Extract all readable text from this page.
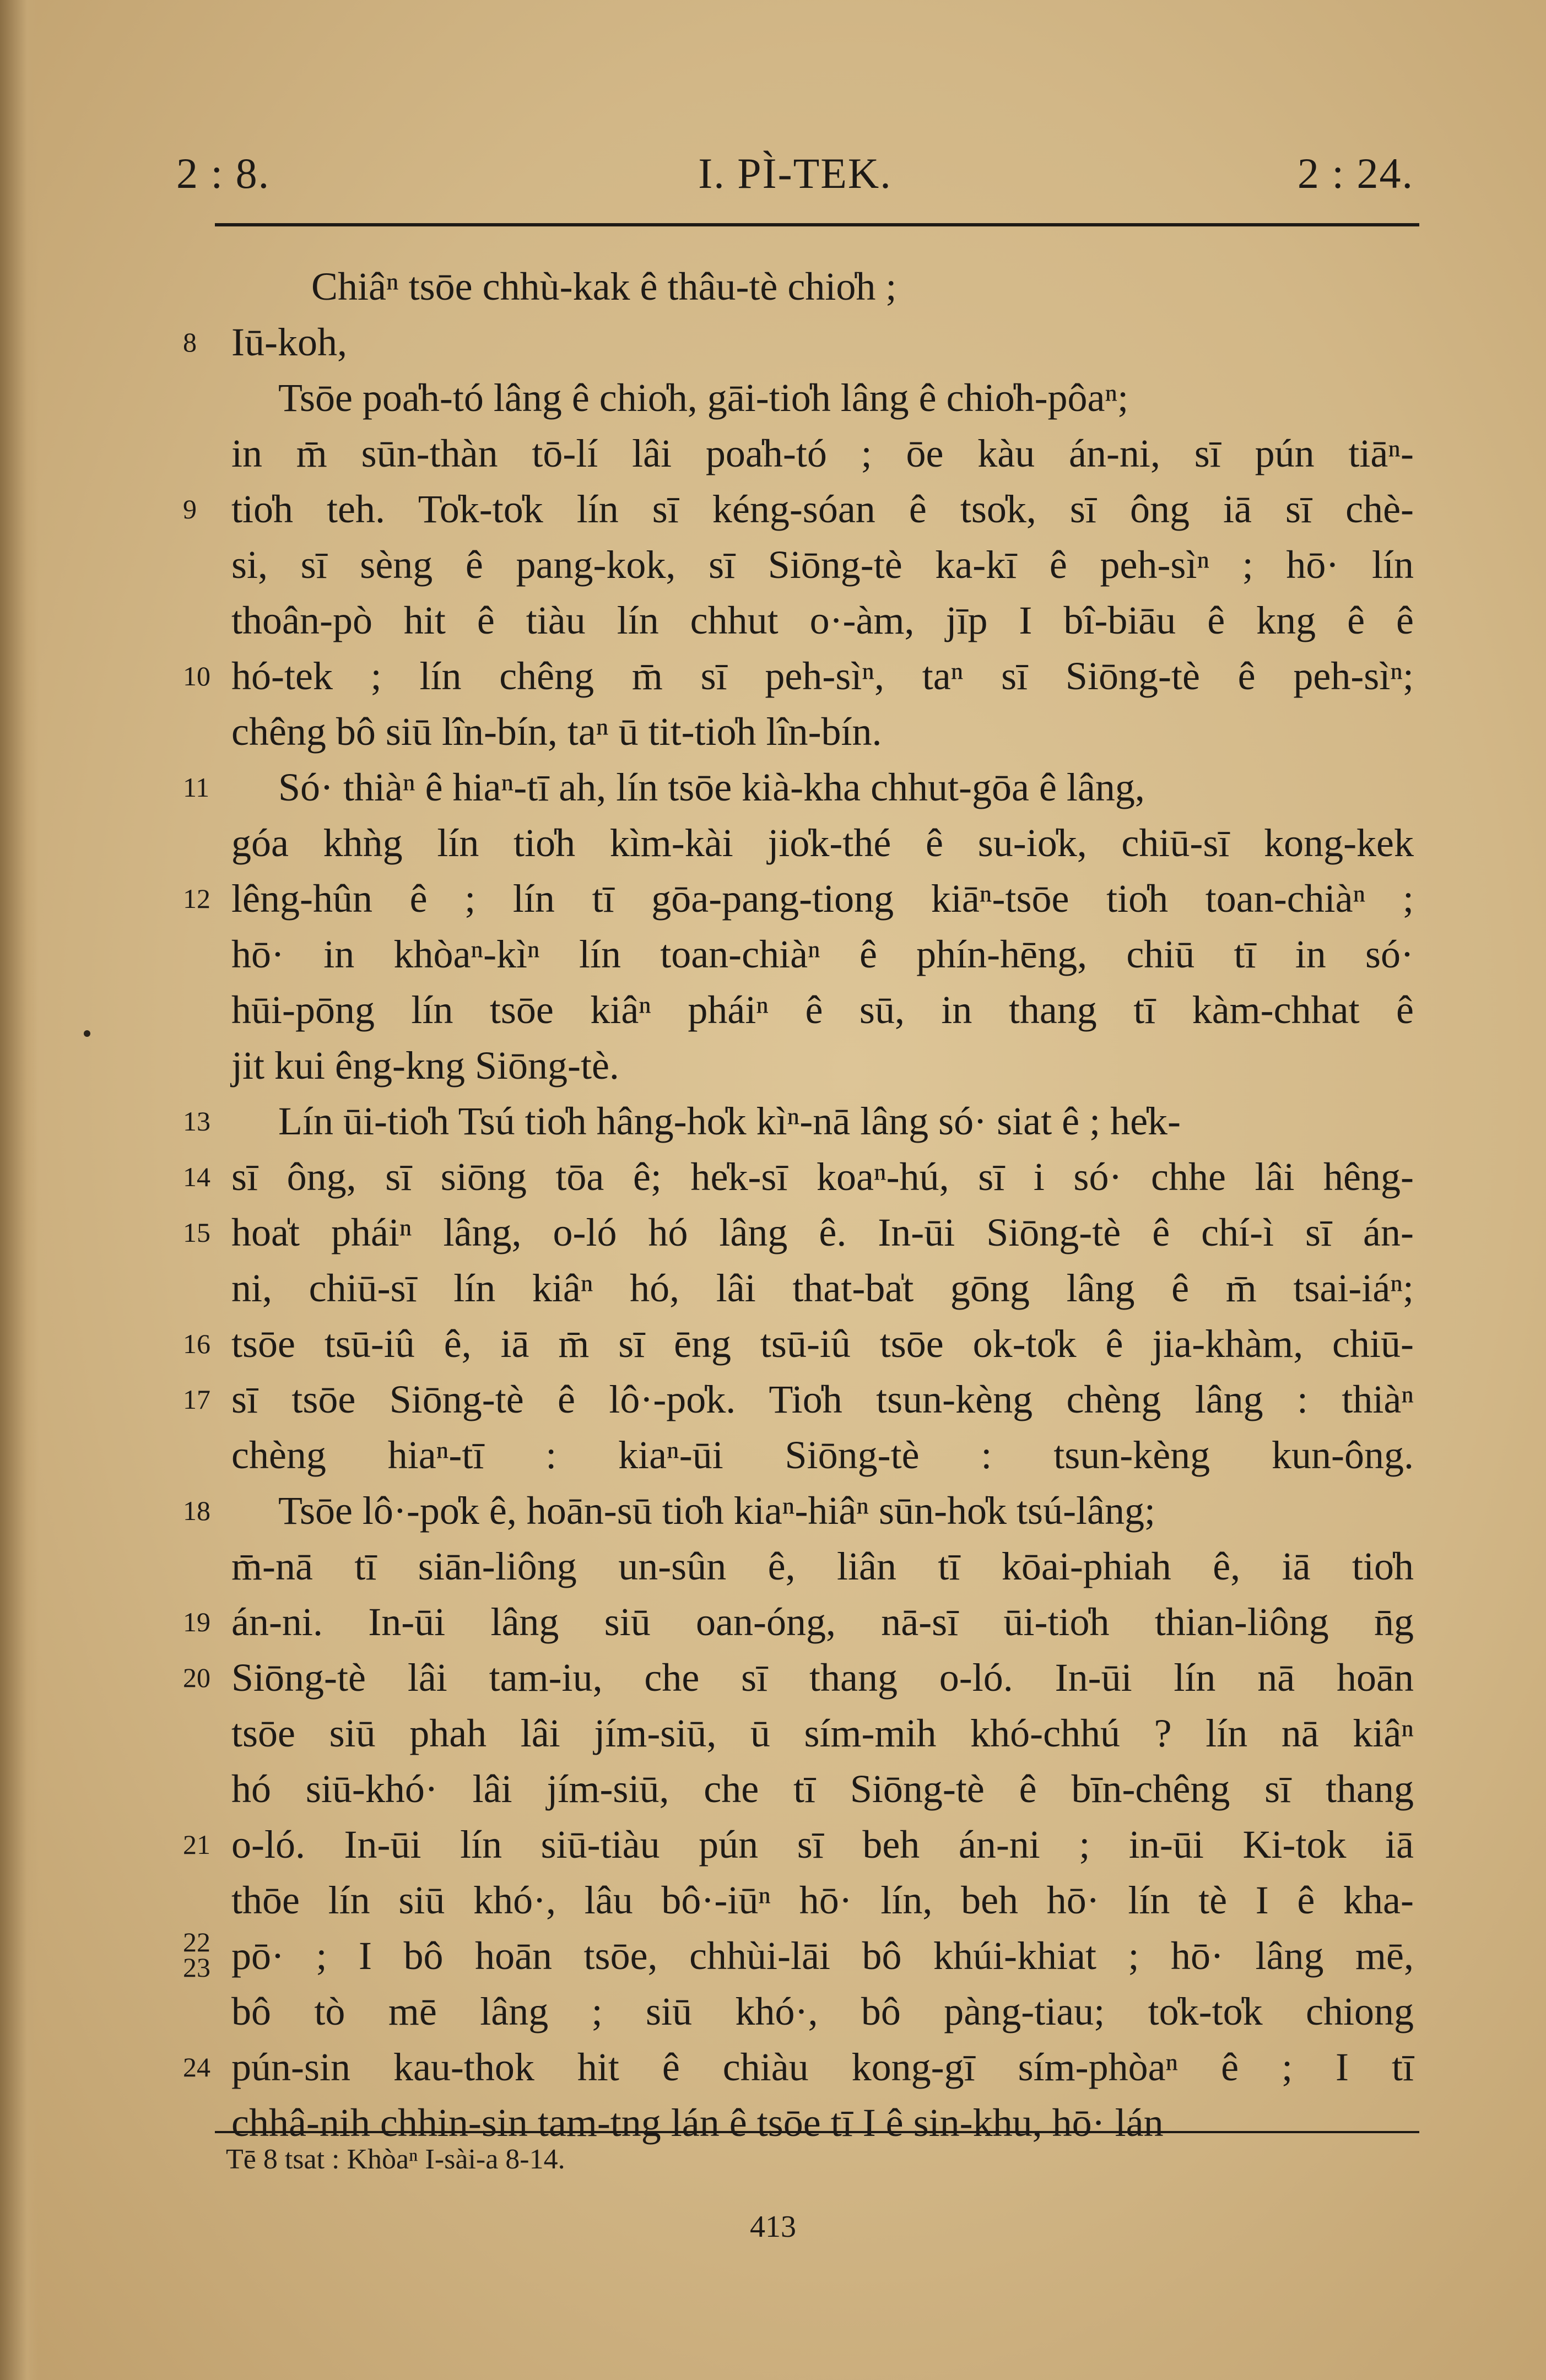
2 : 8.	I. PÌ-TEK.	2 : 24.
Chiâⁿ tsōe chhù-kak ê thâu-tè chio̍h ;
8 Iū-koh,
Tsōe poa̍h-tó lâng ê chio̍h, gāi-tio̍h lâng ê chio̍h-pôaⁿ;
in m̄ sūn-thàn tō-lí lâi poa̍h-tó ; ōe kàu án-ni, sī pún tiāⁿ-
9 tio̍h teh. To̍k-to̍k lín sī kéng-sóan ê tso̍k, sī ông iā sī chè-
si, sī sèng ê pang-kok, sī Siōng-tè ka-kī ê peh-sìⁿ ; hō· lín
thoân-pò hit ê tiàu lín chhut o·-àm, jīp I bî-biāu ê kng ê ê
10 hó-tek ; lín chêng m̄ sī peh-sìⁿ, taⁿ sī Siōng-tè ê peh-sìⁿ;
chêng bô siū lîn-bín, taⁿ ū tit-tio̍h lîn-bín.
11	Só· thiàⁿ ê hiaⁿ-tī ah, lín tsōe kià-kha chhut-gōa ê lâng,
góa khǹg lín tio̍h kìm-kài jio̍k-thé ê su-io̍k, chiū-sī kong-kek
12 lêng-hûn ê ; lín tī gōa-pang-tiong kiāⁿ-tsōe tio̍h toan-chiàⁿ ;
hō· in khòaⁿ-kìⁿ lín toan-chiàⁿ ê phín-hēng, chiū tī in só·
hūi-pōng lín tsōe kiâⁿ pháiⁿ ê sū, in thang tī kàm-chhat ê
jit kui êng-kng Siōng-tè.
13	Lín ūi-tio̍h Tsú tio̍h hâng-ho̍k kìⁿ-nā lâng só· siat ê ; he̍k-
14 sī ông, sī siōng tōa ê; he̍k-sī koaⁿ-hú, sī i só· chhe lâi hêng-
15 hoa̍t pháiⁿ lâng, o-ló hó lâng ê. In-ūi Siōng-tè ê chí-ì sī án-
ni, chiū-sī lín kiâⁿ hó, lâi that-ba̍t gōng lâng ê m̄ tsai-iáⁿ;
16 tsōe tsū-iû ê, iā m̄ sī ēng tsū-iû tsōe ok-to̍k ê jia-khàm, chiū-
17 sī tsōe Siōng-tè ê lô·-po̍k. Tio̍h tsun-kèng chèng lâng : thiàⁿ
chèng hiaⁿ-tī : kiaⁿ-ūi Siōng-tè : tsun-kèng kun-ông.
18	Tsōe lô·-po̍k ê, hoān-sū tio̍h kiaⁿ-hiâⁿ sūn-ho̍k tsú-lâng;
m̄-nā tī siān-liông un-sûn ê, liân tī kōai-phiah ê, iā tio̍h
19 án-ni. In-ūi lâng siū oan-óng, nā-sī ūi-tio̍h thian-liông n̄g
20 Siōng-tè lâi tam-iu, che sī thang o-ló. In-ūi lín nā hoān
tsōe siū phah lâi jím-siū, ū sím-mih khó-chhú ? lín nā kiâⁿ
hó siū-khó· lâi jím-siū, che tī Siōng-tè ê bīn-chêng sī thang
21 o-ló. In-ūi lín siū-tiàu pún sī beh án-ni ; in-ūi Ki-tok iā
thōe lín siū khó·, lâu bô·-iūⁿ hō· lín, beh hō· lín tè I ê kha-
22
23 pō· ; I bô hoān tsōe, chhùi-lāi bô khúi-khiat ; hō· lâng mē,
bô tò mē lâng ; siū khó·, bô pàng-tiau; to̍k-to̍k chiong
24 pún-sin kau-thok hit ê chiàu kong-gī sím-phòaⁿ ê ; I tī
chhâ-nih chhin-sin tam-tng lán ê tsōe tī I ê sin-khu, hō· lán
Tē 8 tsat : Khòaⁿ I-sài-a 8-14.
413
